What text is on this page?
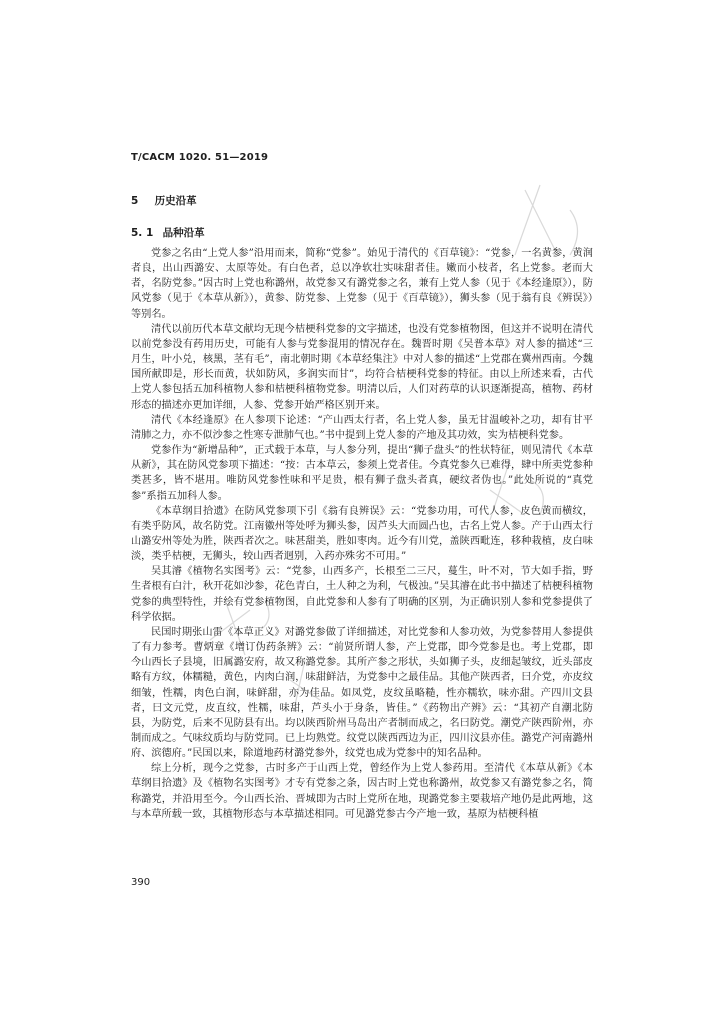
T/CACM 1020. 51—2019
5 历史沿革
5. 1 品种沿革

党参之名由“上党人参”沿用而来，简称“党参”。始见于清代的《百草镜》：“党参，一名黄参，黄润者良，出山西潞安、太原等处。有白色者，总以净软壮实味甜者佳。嫩而小枝者，名上党参。老而大者，名防党参。”因古时上党也称潞州，故党参又有潞党参之名，兼有上党人参（见于《本经逢原》），防风党参（见于《本草从新》），黄参、防党参、上党参（见于《百草镜》），狮头参（见于翁有良《辨误》）等别名。

清代以前历代本草文献均无现今桔梗科党参的文字描述，也没有党参植物图，但这并不说明在清代以前党参没有药用历史，可能有人参与党参混用的情况存在。魏晋时期《吴普本草》对人参的描述“三月生，叶小兑，核黑，茎有毛”，南北朝时期《本草经集注》中对人参的描述“上党郡在冀州西南。今魏国所献即是，形长而黄，状如防风，多润实而甘”，均符合桔梗科党参的特征。由以上所述来看，古代上党人参包括五加科植物人参和桔梗科植物党参。明清以后，人们对药草的认识逐渐提高，植物、药材形态的描述亦更加详细，人参、党参开始严格区别开来。

清代《本经逢原》在人参项下论述：“产山西太行者，名上党人参，虽无甘温峻补之功，却有甘平清肺之力，亦不似沙参之性寒专泄肺气也。”书中提到上党人参的产地及其功效，实为桔梗科党参。

党参作为“新增品种”，正式载于本草，与人参分列，提出“狮子盘头”的性状特征，则见清代《本草从新》，其在防风党参项下描述：“按：古本草云，参须上党者佳。今真党参久已难得，肆中所卖党参种类甚多，皆不堪用。唯防风党参性味和平足贵，根有狮子盘头者真，硬纹者伪也。”此处所说的“真党参”系指五加科人参。

《本草纲目拾遗》在防风党参项下引《翁有良辨误》云：“党参功用，可代人参，皮色黄而横纹，有类乎防风，故名防党。江南徽州等处呼为狮头参，因芦头大而圆凸也，古名上党人参。产于山西太行山潞安州等处为胜，陕西者次之。味甚甜美，胜如枣肉。近今有川党，盖陕西毗连，移种栽植，皮白味淡，类乎桔梗，无狮头，较山西者迥别，入药亦殊劣不可用。”

吴其濬《植物名实图考》云：“党参，山西多产，长根至二三尺，蔓生，叶不对，节大如手指，野生者根有白汁，秋开花如沙参，花色青白，土人种之为利，气极浊。”吴其濬在此书中描述了桔梗科植物党参的典型特性，并绘有党参植物图，自此党参和人参有了明确的区别，为正确识别人参和党参提供了科学依据。

民国时期张山雷《本草正义》对潞党参做了详细描述，对比党参和人参功效，为党参替用人参提供了有力参考。曹炳章《增订伪药条辨》云：“前贤所谓人参，产上党郡，即今党参是也。考上党郡，即今山西长子县境，旧属潞安府，故又称潞党参。其所产参之形状，头如狮子头，皮细起皱纹，近头部皮略有方纹，体糯糙，黄色，内肉白润，味甜鲜洁，为党参中之最佳品。其他产陕西者，曰介党，亦皮纹细皱，性糯，肉色白润，味鲜甜，亦为佳品。如凤党，皮纹虽略糙，性亦糯软，味亦甜。产四川文县者，曰文元党，皮直纹，性糯，味甜，芦头小于身条，皆佳。”《药物出产辨》云：“其初产自潮北防县，为防党，后来不见防县有出。均以陕西阶州马岛出产者制而成之，名曰防党。潮党产陕西阶州，亦制而成之。气味纹质均与防党同。已上均熟党。纹党以陕西西边为正，四川汶县亦佳。潞党产河南潞州府、滨德府。”民国以来，除道地药材潞党参外，纹党也成为党参中的知名品种。

综上分析，现今之党参，古时多产于山西上党，曾经作为上党人参药用。至清代《本草从新》《本草纲目拾遗》及《植物名实图考》才专有党参之条，因古时上党也称潞州，故党参又有潞党参之名，简称潞党，并沿用至今。今山西长治、晋城即为古时上党所在地，现潞党参主要栽培产地仍是此两地，这与本草所载一致，其植物形态与本草描述相同。可见潞党参古今产地一致，基原为桔梗科植

390
